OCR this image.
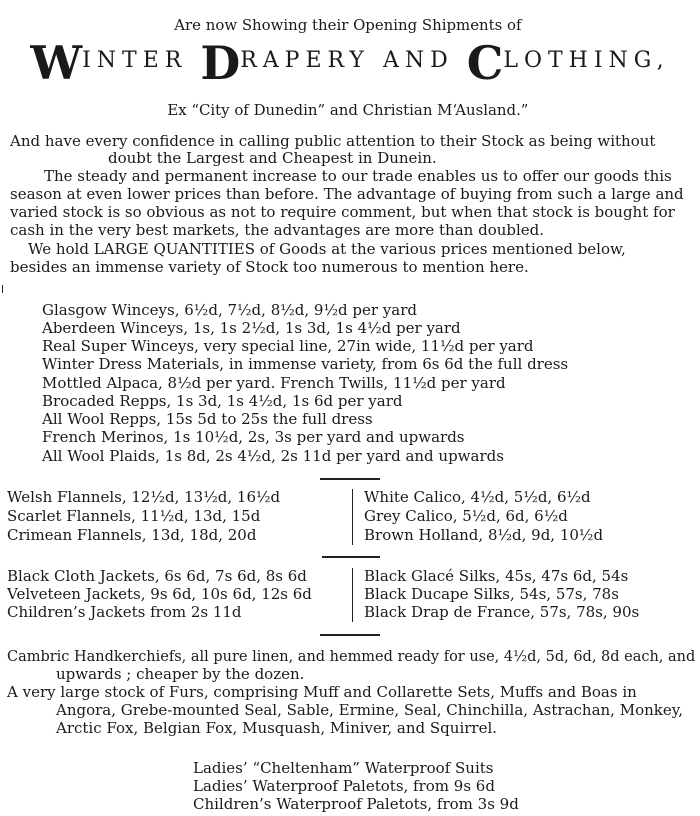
Are now Showing their Opening Shipments of
WINTER DRAPERY AND CLOTHING,
Ex “City of Dunedin” and Christian M‘Ausland.”
And have every confidence in calling public attention to their Stock as being without
doubt the Largest and Cheapest in Dunein.
The steady and permanent increase to our trade enables us to offer our goods this
season at even lower prices than before. The advantage of buying from such a large and
varied stock is so obvious as not to require comment, but when that stock is bought for
cash in the very best markets, the advantages are more than doubled.
We hold LARGE QUANTITIES of Goods at the various prices mentioned below,
besides an immense variety of Stock too numerous to mention here.
Glasgow Winceys, 6½d, 7½d, 8½d, 9½d per yard
Aberdeen Winceys, 1s, 1s 2½d, 1s 3d, 1s 4½d per yard
Real Super Winceys, very special line, 27in wide, 11½d per yard
Winter Dress Materials, in immense variety, from 6s 6d the full dress
Mottled Alpaca, 8½d per yard. French Twills, 11½d per yard
Brocaded Repps, 1s 3d, 1s 4½d, 1s 6d per yard
All Wool Repps, 15s 5d to 25s the full dress
French Merinos, 1s 10½d, 2s, 3s per yard and upwards
All Wool Plaids, 1s 8d, 2s 4½d, 2s 11d per yard and upwards
Welsh Flannels, 12½d, 13½d, 16½d
Scarlet Flannels, 11½d, 13d, 15d
Crimean Flannels, 13d, 18d, 20d
White Calico, 4½d, 5½d, 6½d
Grey Calico, 5½d, 6d, 6½d
Brown Holland, 8½d, 9d, 10½d
Black Cloth Jackets, 6s 6d, 7s 6d, 8s 6d
Velveteen Jackets, 9s 6d, 10s 6d, 12s 6d
Children’s Jackets from 2s 11d
Black Glacé Silks, 45s, 47s 6d, 54s
Black Ducape Silks, 54s, 57s, 78s
Black Drap de France, 57s, 78s, 90s
Cambric Handkerchiefs, all pure linen, and hemmed ready for use, 4½d, 5d, 6d, 8d each, and
upwards ; cheaper by the dozen.
A very large stock of Furs, comprising Muff and Collarette Sets, Muffs and Boas in
Angora, Grebe-mounted Seal, Sable, Ermine, Seal, Chinchilla, Astrachan, Monkey,
Arctic Fox, Belgian Fox, Musquash, Miniver, and Squirrel.
Ladies’ “Cheltenham” Waterproof Suits
Ladies’ Waterproof Paletots, from 9s 6d
Children’s Waterproof Paletots, from 3s 9d
